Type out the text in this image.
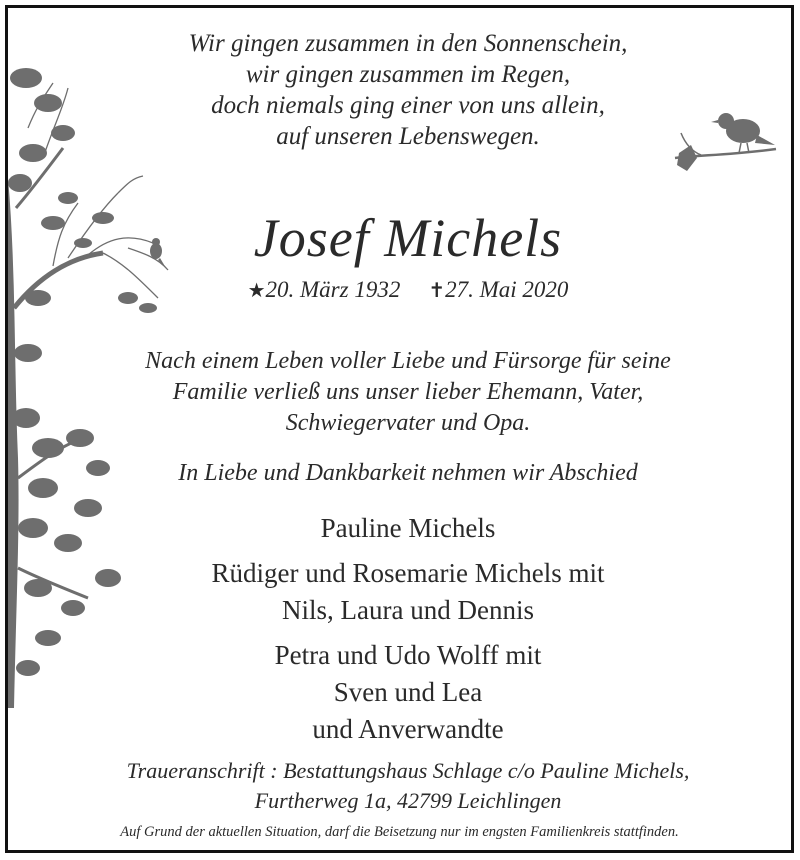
Wir gingen zusammen in den Sonnenschein,
wir gingen zusammen im Regen,
doch niemals ging einer von uns allein,
auf unseren Lebenswegen.
Josef Michels
★20. März 1932 ✝27. Mai 2020
Nach einem Leben voller Liebe und Fürsorge für seine
Familie verließ uns unser lieber Ehemann, Vater,
Schwiegervater und Opa.
In Liebe und Dankbarkeit nehmen wir Abschied
Pauline Michels
Rüdiger und Rosemarie Michels mit
Nils, Laura und Dennis
Petra und Udo Wolff mit
Sven und Lea
und Anverwandte
Traueranschrift : Bestattungshaus Schlage c/o Pauline Michels,
Furtherweg 1a, 42799 Leichlingen
Auf Grund der aktuellen Situation, darf die Beisetzung nur im engsten Familienkreis stattfinden.
